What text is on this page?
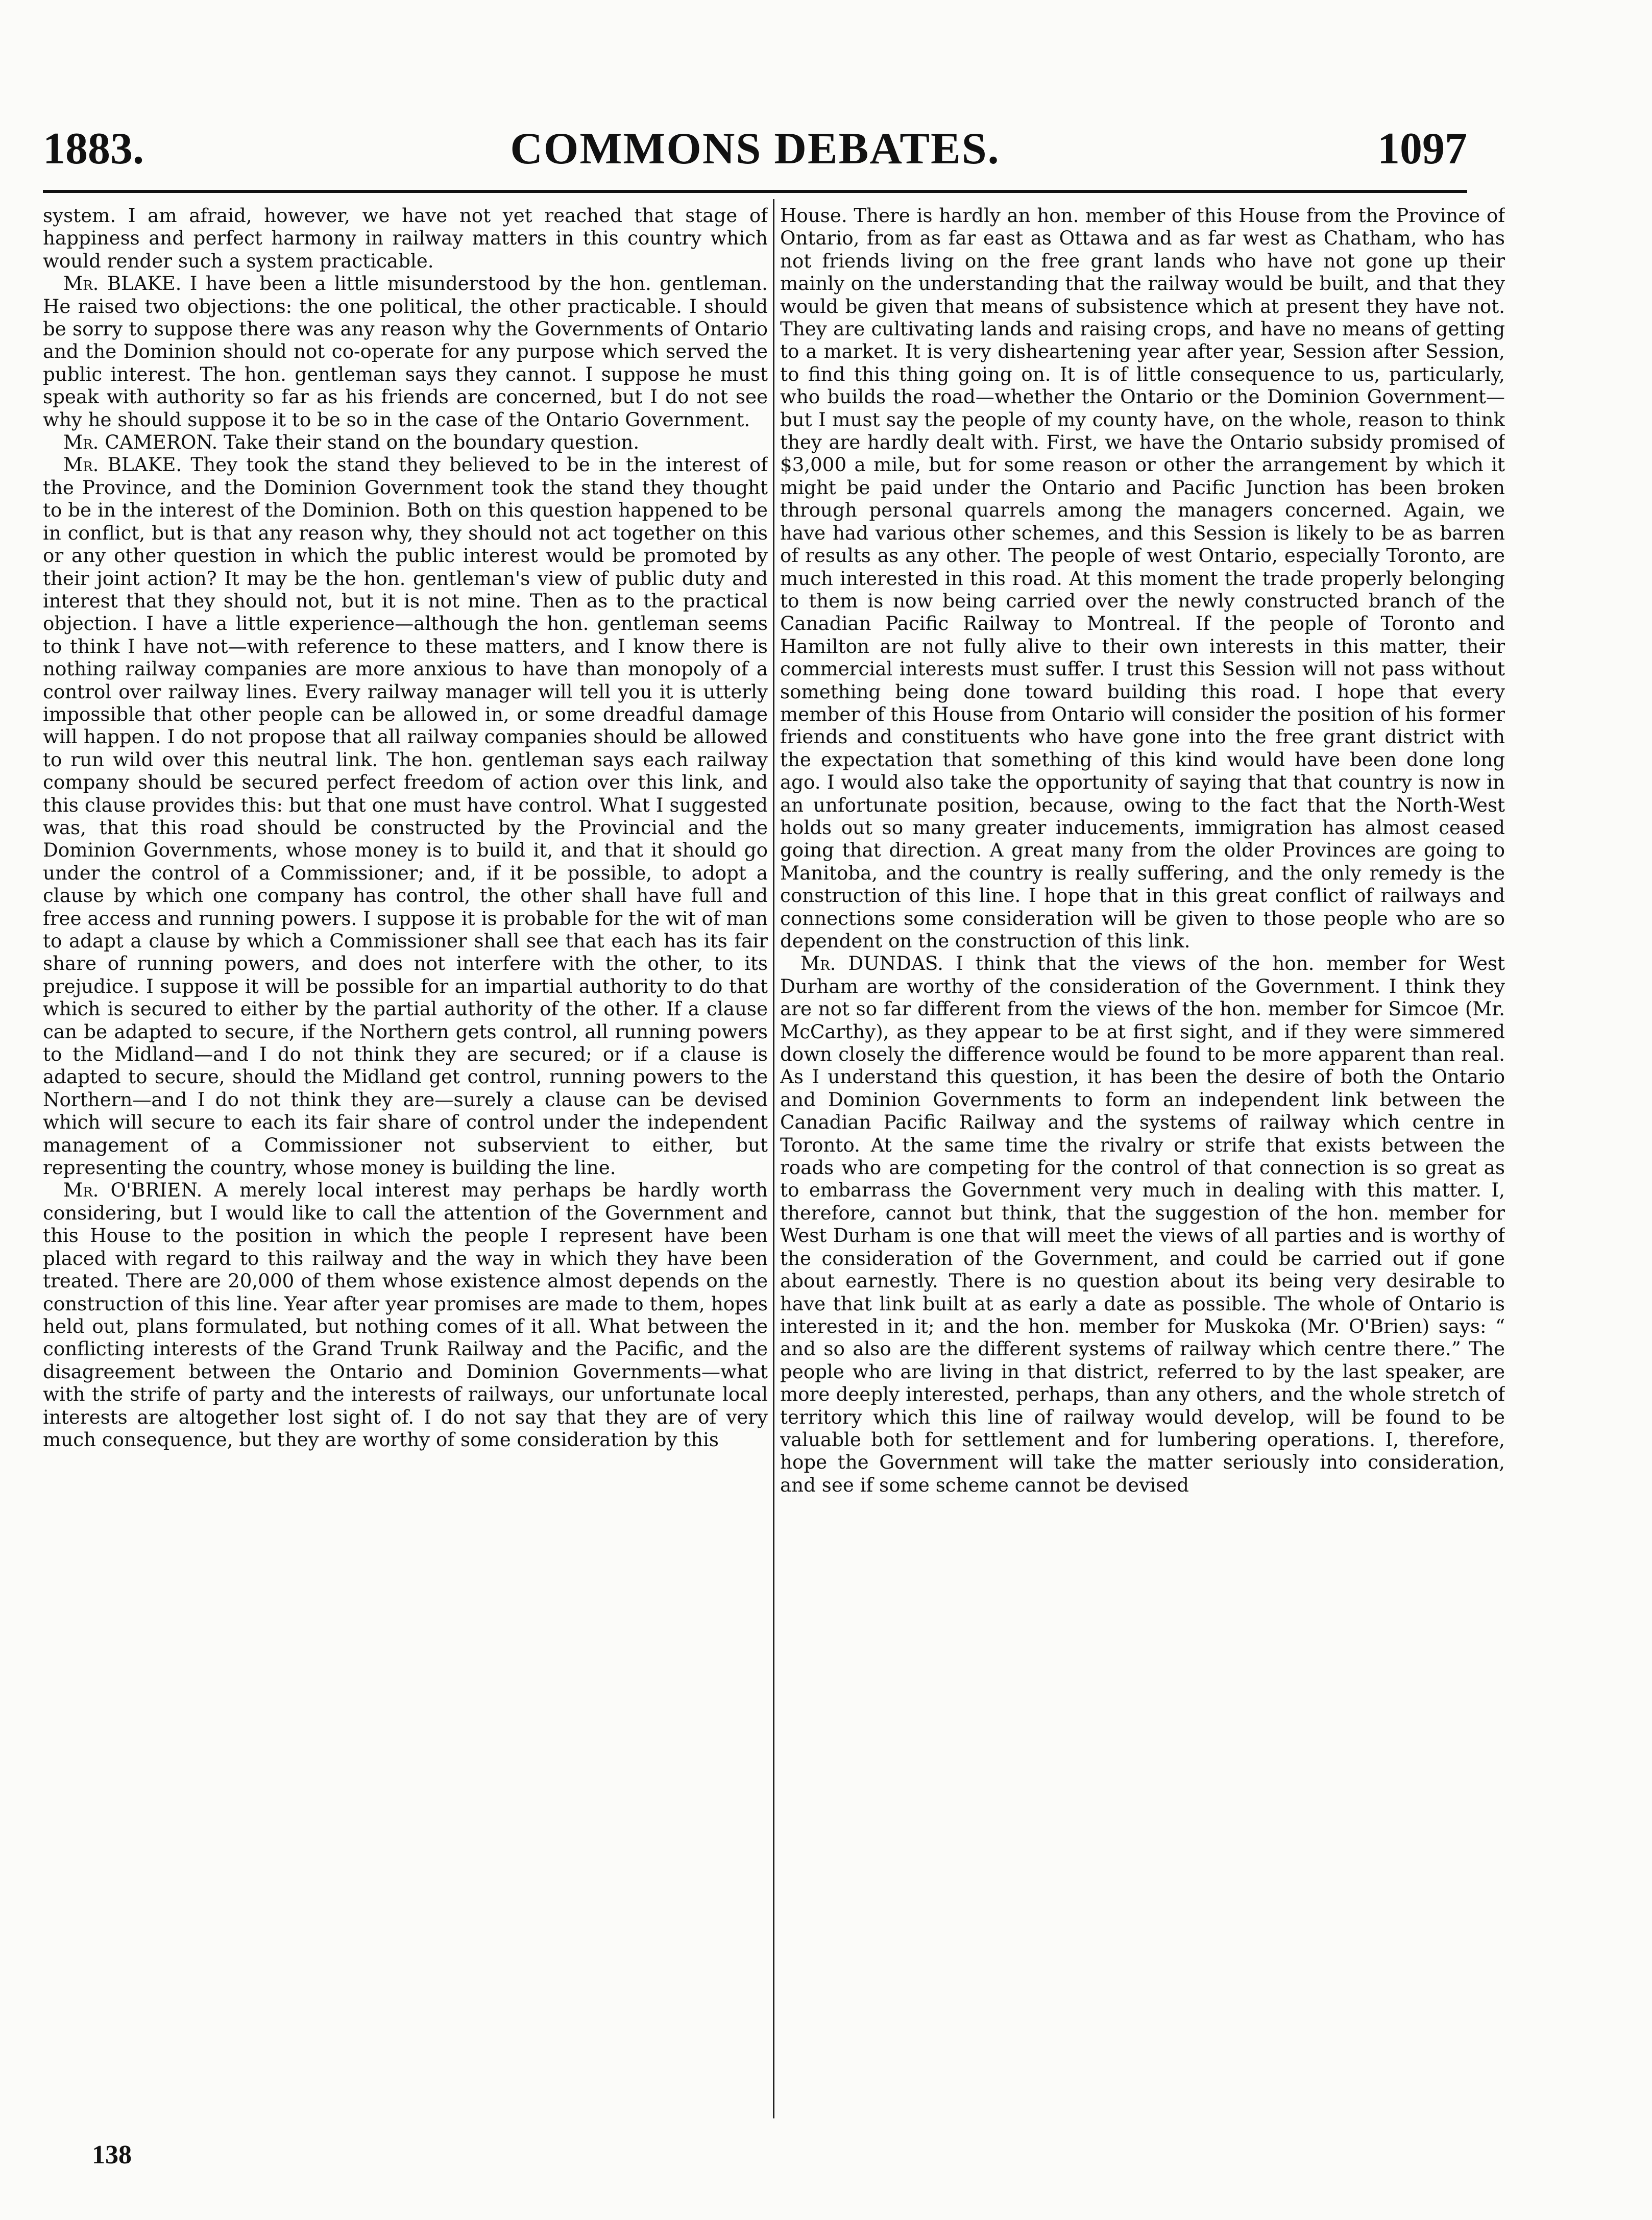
1883.	COMMONS DEBATES.	1097

system. I am afraid, however, we have not yet reached that stage of happiness and perfect harmony in railway matters in this country which would render such a system practicable.

Mr. BLAKE. I have been a little misunderstood by the hon. gentleman. He raised two objections: the one political, the other practicable. I should be sorry to suppose there was any reason why the Governments of Ontario and the Dominion should not co-operate for any purpose which served the public interest. The hon. gentleman says they cannot. I suppose he must speak with authority so far as his friends are concerned, but I do not see why he should suppose it to be so in the case of the Ontario Government.

Mr. CAMERON. Take their stand on the boundary question.

Mr. BLAKE. They took the stand they believed to be in the interest of the Province, and the Dominion Government took the stand they thought to be in the interest of the Dominion. Both on this question happened to be in conflict, but is that any reason why, they should not act together on this or any other question in which the public interest would be promoted by their joint action? It may be the hon. gentleman's view of public duty and interest that they should not, but it is not mine. Then as to the practical objection. I have a little experience—although the hon. gentleman seems to think I have not—with reference to these matters, and I know there is nothing railway companies are more anxious to have than monopoly of a control over railway lines. Every railway manager will tell you it is utterly impossible that other people can be allowed in, or some dreadful damage will happen. I do not propose that all railway companies should be allowed to run wild over this neutral link. The hon. gentleman says each railway company should be secured perfect freedom of action over this link, and this clause provides this: but that one must have control. What I suggested was, that this road should be constructed by the Provincial and the Dominion Governments, whose money is to build it, and that it should go under the control of a Commissioner; and, if it be possible, to adopt a clause by which one company has control, the other shall have full and free access and running powers. I suppose it is probable for the wit of man to adapt a clause by which a Commissioner shall see that each has its fair share of running powers, and does not interfere with the other, to its prejudice. I suppose it will be possible for an impartial authority to do that which is secured to either by the partial authority of the other. If a clause can be adapted to secure, if the Northern gets control, all running powers to the Midland—and I do not think they are secured; or if a clause is adapted to secure, should the Midland get control, running powers to the Northern—and I do not think they are—surely a clause can be devised which will secure to each its fair share of control under the independent management of a Commissioner not subservient to either, but representing the country, whose money is building the line.

Mr. O'BRIEN. A merely local interest may perhaps be hardly worth considering, but I would like to call the attention of the Government and this House to the position in which the people I represent have been placed with regard to this railway and the way in which they have been treated. There are 20,000 of them whose existence almost depends on the construction of this line. Year after year promises are made to them, hopes held out, plans formulated, but nothing comes of it all. What between the conflicting interests of the Grand Trunk Railway and the Pacific, and the disagreement between the Ontario and Dominion Governments—what with the strife of party and the interests of railways, our unfortunate local interests are altogether lost sight of. I do not say that they are of very much consequence, but they are worthy of some consideration by this

House. There is hardly an hon. member of this House from the Province of Ontario, from as far east as Ottawa and as far west as Chatham, who has not friends living on the free grant lands who have not gone up their mainly on the understanding that the railway would be built, and that they would be given that means of subsistence which at present they have not. They are cultivating lands and raising crops, and have no means of getting to a market. It is very disheartening year after year, Session after Session, to find this thing going on. It is of little consequence to us, particularly, who builds the road—whether the Ontario or the Dominion Government—but I must say the people of my county have, on the whole, reason to think they are hardly dealt with. First, we have the Ontario subsidy promised of $3,000 a mile, but for some reason or other the arrangement by which it might be paid under the Ontario and Pacific Junction has been broken through personal quarrels among the managers concerned. Again, we have had various other schemes, and this Session is likely to be as barren of results as any other. The people of west Ontario, especially Toronto, are much interested in this road. At this moment the trade properly belonging to them is now being carried over the newly constructed branch of the Canadian Pacific Railway to Montreal. If the people of Toronto and Hamilton are not fully alive to their own interests in this matter, their commercial interests must suffer. I trust this Session will not pass without something being done toward building this road. I hope that every member of this House from Ontario will consider the position of his former friends and constituents who have gone into the free grant district with the expectation that something of this kind would have been done long ago. I would also take the opportunity of saying that that country is now in an unfortunate position, because, owing to the fact that the North-West holds out so many greater inducements, immigration has almost ceased going that direction. A great many from the older Provinces are going to Manitoba, and the country is really suffering, and the only remedy is the construction of this line. I hope that in this great conflict of railways and connections some consideration will be given to those people who are so dependent on the construction of this link.

Mr. DUNDAS. I think that the views of the hon. member for West Durham are worthy of the consideration of the Government. I think they are not so far different from the views of the hon. member for Simcoe (Mr. McCarthy), as they appear to be at first sight, and if they were simmered down closely the difference would be found to be more apparent than real. As I understand this question, it has been the desire of both the Ontario and Dominion Governments to form an independent link between the Canadian Pacific Railway and the systems of railway which centre in Toronto. At the same time the rivalry or strife that exists between the roads who are competing for the control of that connection is so great as to embarrass the Government very much in dealing with this matter. I, therefore, cannot but think, that the suggestion of the hon. member for West Durham is one that will meet the views of all parties and is worthy of the consideration of the Government, and could be carried out if gone about earnestly. There is no question about its being very desirable to have that link built at as early a date as possible. The whole of Ontario is interested in it; and the hon. member for Muskoka (Mr. O'Brien) says: “ and so also are the different systems of railway which centre there.” The people who are living in that district, referred to by the last speaker, are more deeply interested, perhaps, than any others, and the whole stretch of territory which this line of railway would develop, will be found to be valuable both for settlement and for lumbering operations. I, therefore, hope the Government will take the matter seriously into consideration, and see if some scheme cannot be devised

138
